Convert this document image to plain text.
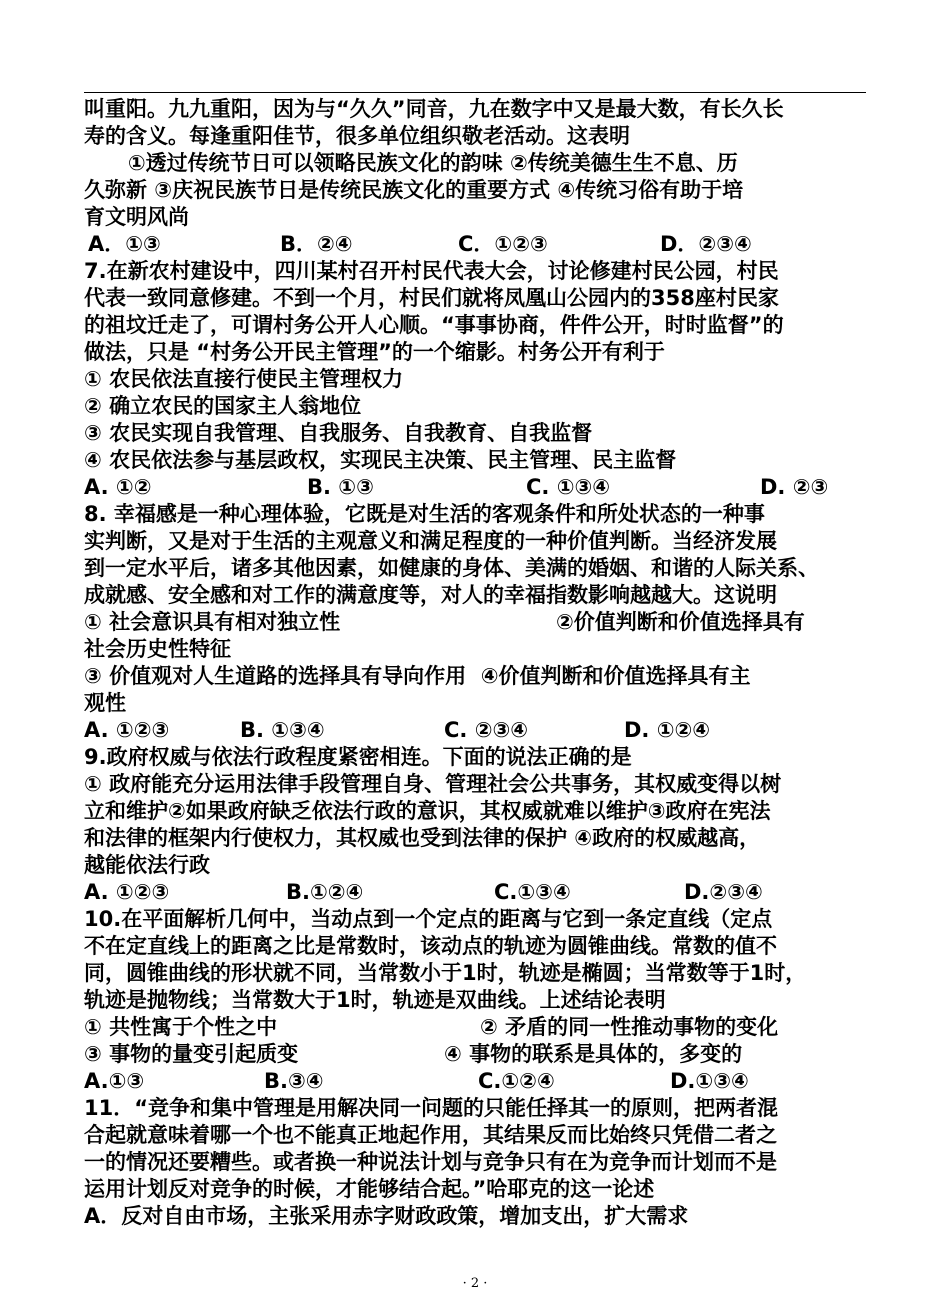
叫重阳。九九重阳，因为与“久久”同音，九在数字中又是最大数，有长久长
寿的含义。每逢重阳佳节，很多单位组织敬老活动。这表明
①透过传统节日可以领略民族文化的韵味 ②传统美德生生不息、历
久弥新 ③庆祝民族节日是传统民族文化的重要方式 ④传统习俗有助于培
育文明风尚
A．①③	B．②④	C．①②③	D．②③④
7.在新农村建设中，四川某村召开村民代表大会，讨论修建村民公园，村民
代表一致同意修建。不到一个月，村民们就将凤凰山公园内的358座村民家
的祖坟迁走了，可谓村务公开人心顺。“事事协商，件件公开，时时监督”的
做法，只是 “村务公开民主管理”的一个缩影。村务公开有利于
① 农民依法直接行使民主管理权力
② 确立农民的国家主人翁地位
③ 农民实现自我管理、自我服务、自我教育、自我监督
④ 农民依法参与基层政权，实现民主决策、民主管理、民主监督
A. ①②	B. ①③	C. ①③④	D. ②③
8. 幸福感是一种心理体验，它既是对生活的客观条件和所处状态的一种事
实判断，又是对于生活的主观意义和满足程度的一种价值判断。当经济发展
到一定水平后，诸多其他因素，如健康的身体、美满的婚姻、和谐的人际关系、
成就感、安全感和对工作的满意度等，对人的幸福指数影响越越大。这说明
① 社会意识具有相对独立性	②价值判断和价值选择具有
社会历史性特征
③ 价值观对人生道路的选择具有导向作用  ④价值判断和价值选择具有主
观性
A. ①②③	B. ①③④	C. ②③④	D. ①②④
9.政府权威与依法行政程度紧密相连。下面的说法正确的是
① 政府能充分运用法律手段管理自身、管理社会公共事务，其权威变得以树
立和维护②如果政府缺乏依法行政的意识，其权威就难以维护③政府在宪法
和法律的框架内行使权力，其权威也受到法律的保护 ④政府的权威越高，
越能依法行政
A. ①②③	B.①②④	C.①③④	D.②③④
10.在平面解析几何中，当动点到一个定点的距离与它到一条定直线（定点
不在定直线上的距离之比是常数时，该动点的轨迹为圆锥曲线。常数的值不
同，圆锥曲线的形状就不同，当常数小于1时，轨迹是椭圆；当常数等于1时，
轨迹是抛物线；当常数大于1时，轨迹是双曲线。上述结论表明
① 共性寓于个性之中	② 矛盾的同一性推动事物的变化
③ 事物的量变引起质变	④ 事物的联系是具体的，多变的
A.①③	B.③④	C.①②④	D.①③④
11．“竞争和集中管理是用解决同一问题的只能任择其一的原则，把两者混
合起就意味着哪一个也不能真正地起作用，其结果反而比始终只凭借二者之
一的情况还要糟些。或者换一种说法计划与竞争只有在为竞争而计划而不是
运用计划反对竞争的时候，才能够结合起。”哈耶克的这一论述
A．反对自由市场，主张采用赤字财政政策，增加支出，扩大需求
· 2 ·
